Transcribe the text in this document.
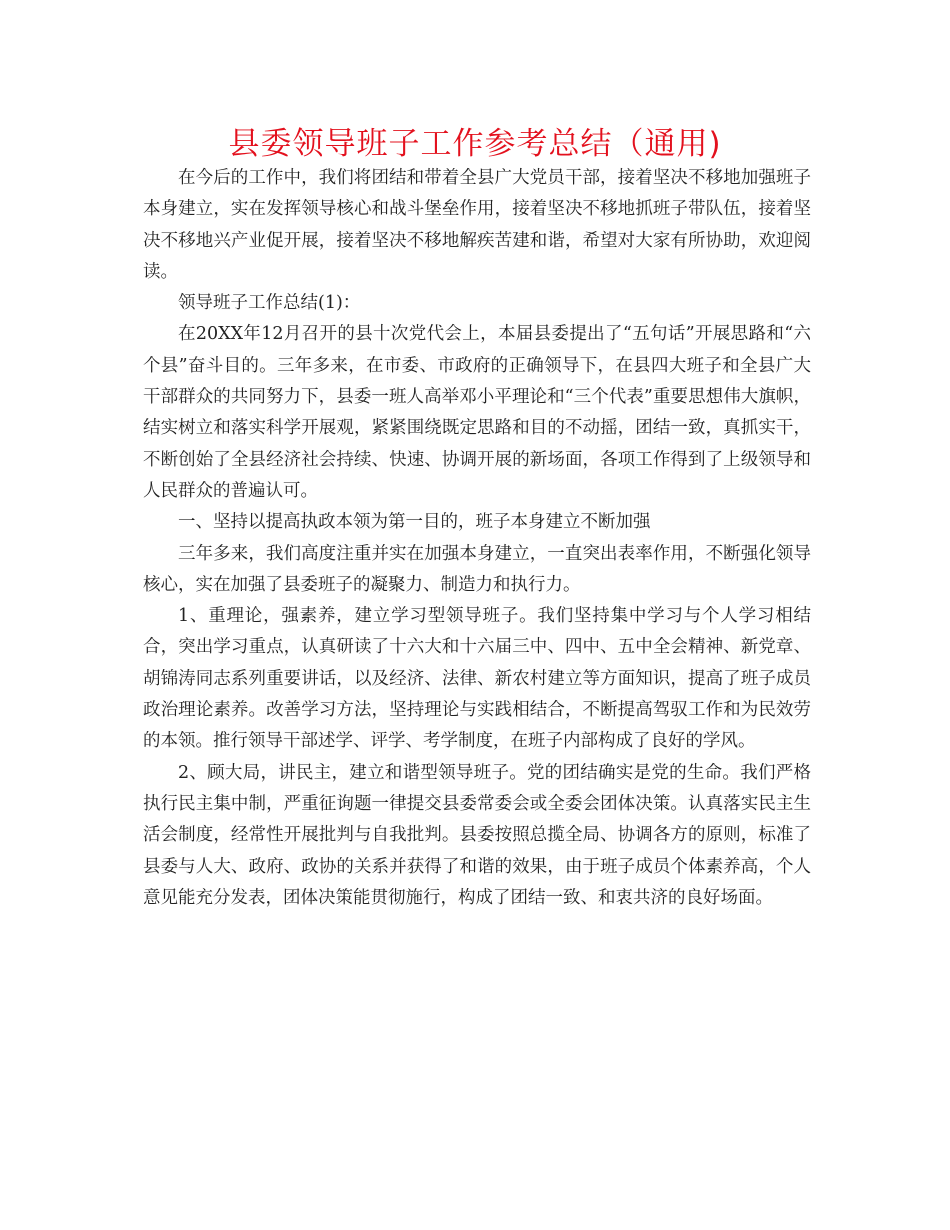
县委领导班子工作参考总结（通用)

在今后的工作中，我们将团结和带着全县广大党员干部，接着坚决不移地加强班子本身建立，实在发挥领导核心和战斗堡垒作用，接着坚决不移地抓班子带队伍，接着坚决不移地兴产业促开展，接着坚决不移地解疾苦建和谐，希望对大家有所协助，欢迎阅读。

领导班子工作总结(1)：

在20XX年12月召开的县十次党代会上，本届县委提出了“五句话”开展思路和“六个县”奋斗目的。三年多来，在市委、市政府的正确领导下，在县四大班子和全县广大干部群众的共同努力下，县委一班人高举邓小平理论和“三个代表”重要思想伟大旗帜，结实树立和落实科学开展观，紧紧围绕既定思路和目的不动摇，团结一致，真抓实干，不断创始了全县经济社会持续、快速、协调开展的新场面，各项工作得到了上级领导和人民群众的普遍认可。

一、坚持以提高执政本领为第一目的，班子本身建立不断加强

三年多来，我们高度注重并实在加强本身建立，一直突出表率作用，不断强化领导核心，实在加强了县委班子的凝聚力、制造力和执行力。

1、重理论，强素养，建立学习型领导班子。我们坚持集中学习与个人学习相结合，突出学习重点，认真研读了十六大和十六届三中、四中、五中全会精神、新党章、胡锦涛同志系列重要讲话，以及经济、法律、新农村建立等方面知识，提高了班子成员政治理论素养。改善学习方法，坚持理论与实践相结合，不断提高驾驭工作和为民效劳的本领。推行领导干部述学、评学、考学制度，在班子内部构成了良好的学风。

2、顾大局，讲民主，建立和谐型领导班子。党的团结确实是党的生命。我们严格执行民主集中制，严重征询题一律提交县委常委会或全委会团体决策。认真落实民主生活会制度，经常性开展批判与自我批判。县委按照总揽全局、协调各方的原则，标准了县委与人大、政府、政协的关系并获得了和谐的效果，由于班子成员个体素养高，个人意见能充分发表，团体决策能贯彻施行，构成了团结一致、和衷共济的良好场面。
